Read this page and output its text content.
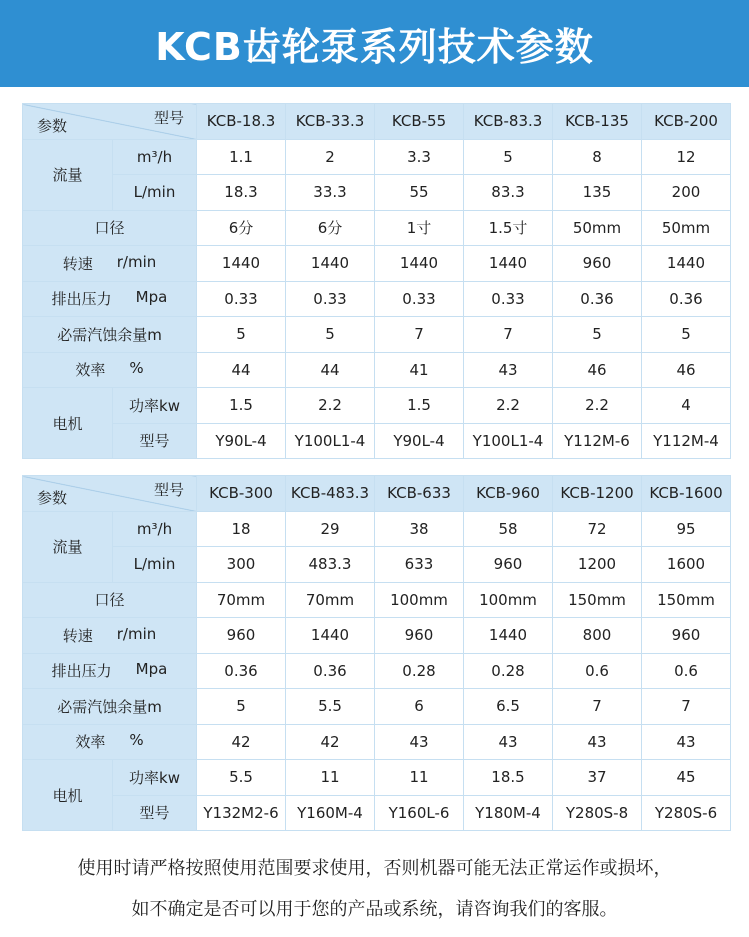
KCB齿轮泵系列技术参数
型号
参数		KCB-18.3	KCB-33.3	KCB-55	KCB-83.3	KCB-135	KCB-200
流量	m³/h	1.1	2	3.3	5	8	12
	L/min	18.3	33.3	55	83.3	135	200
口径		6分	6分	1寸	1.5寸	50mm	50mm

转速 r/min		1440	1440	1440	1440	960	1440

排出压力 Mpa		0.33	0.33	0.33	0.33	0.36	0.36
必需汽蚀余量m		5	5	7	7	5	5

效率 %		44	44	41	43	46	46
电机	功率kw	1.5	2.2	1.5	2.2	2.2	4
	型号	Y90L-4	Y100L1-4	Y90L-4	Y100L1-4	Y112M-6	Y112M-4
型号
参数		KCB-300	KCB-483.3	KCB-633	KCB-960	KCB-1200	KCB-1600
流量	m³/h	18	29	38	58	72	95
	L/min	300	483.3	633	960	1200	1600
口径		70mm	70mm	100mm	100mm	150mm	150mm

转速 r/min		960	1440	960	1440	800	960

排出压力 Mpa		0.36	0.36	0.28	0.28	0.6	0.6
必需汽蚀余量m		5	5.5	6	6.5	7	7

效率 %		42	42	43	43	43	43
电机	功率kw	5.5	11	11	18.5	37	45
	型号	Y132M2-6	Y160M-4	Y160L-6	Y180M-4	Y280S-8	Y280S-6
使用时请严格按照使用范围要求使用，否则机器可能无法正常运作或损坏，
如不确定是否可以用于您的产品或系统，请咨询我们的客服。
